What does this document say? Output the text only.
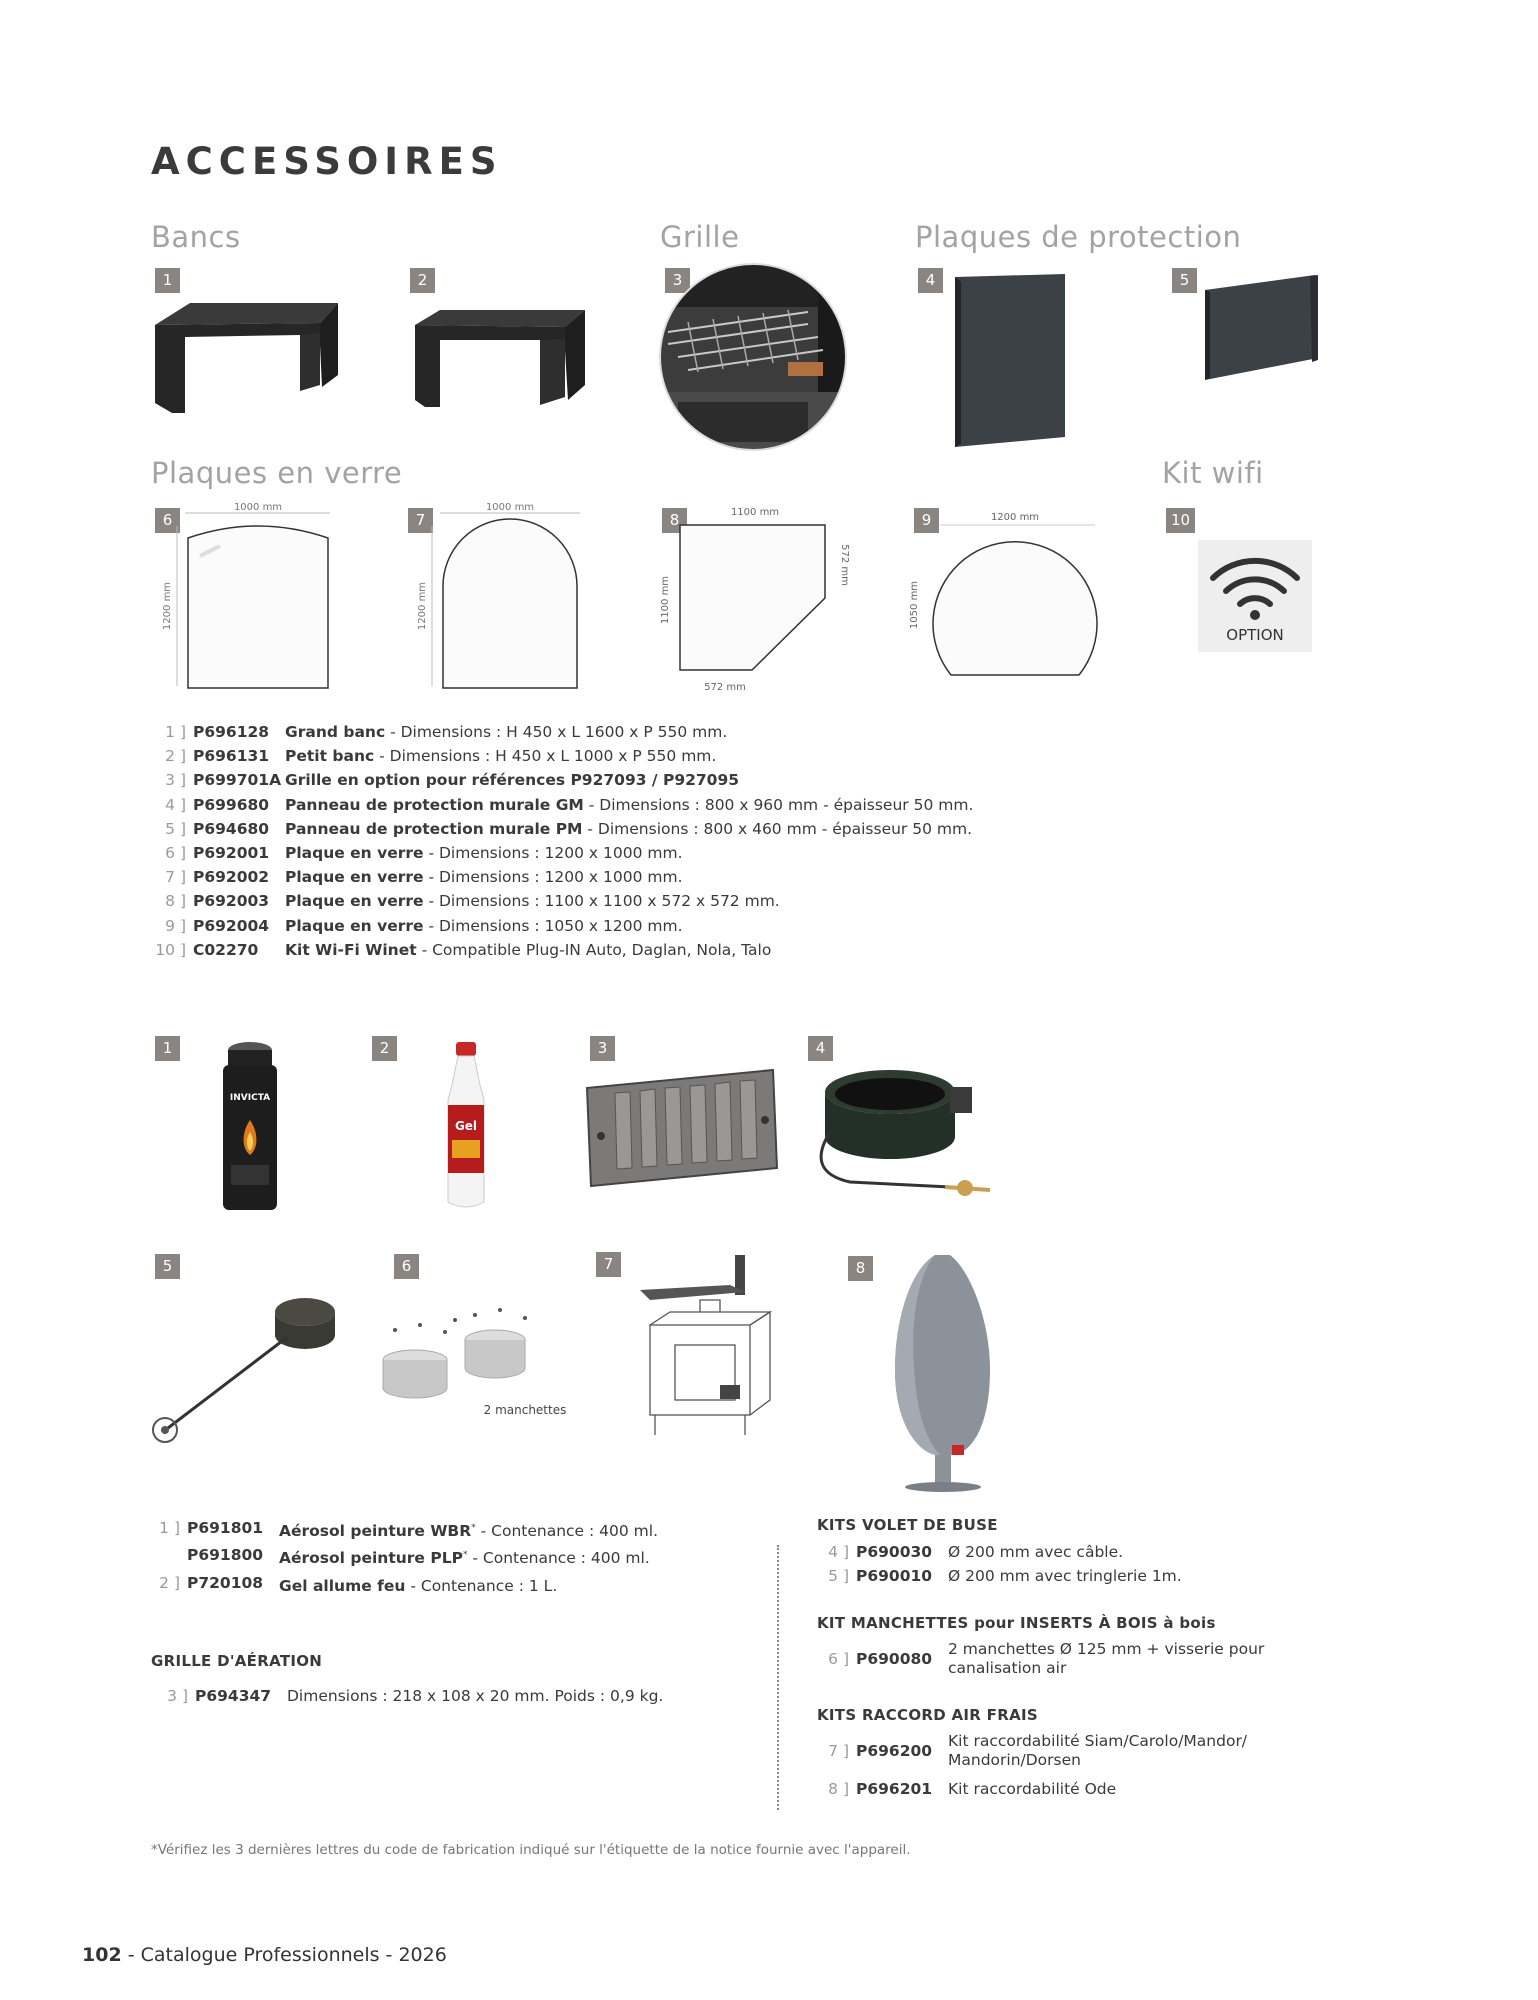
ACCESSOIRES
Bancs	Grille	Plaques de protection
Plaques en verre	Kit wifi
1	2	3	4	5
6	7	8	9	10
1000 mm
1200 mm
1000 mm
1200 mm
1100 mm
1100 mm
572 mm
572 mm
1200 mm
1050 mm
OPTION
1 ] P696128	Grand banc - Dimensions : H 450 x L 1600 x P 550 mm.
2 ] P696131	Petit banc - Dimensions : H 450 x L 1000 x P 550 mm.
3 ] P699701A Grille en option pour références P927093 / P927095
4 ] P699680	Panneau de protection murale GM - Dimensions : 800 x 960 mm - épaisseur 50 mm.
5 ] P694680	Panneau de protection murale PM - Dimensions : 800 x 460 mm - épaisseur 50 mm.
6 ] P692001	Plaque en verre - Dimensions : 1200 x 1000 mm.
7 ] P692002	Plaque en verre - Dimensions : 1200 x 1000 mm.
8 ] P692003	Plaque en verre - Dimensions : 1100 x 1100 x 572 x 572 mm.
9 ] P692004	Plaque en verre - Dimensions : 1050 x 1200 mm.
10 ] C02270	Kit Wi-Fi Winet - Compatible Plug-IN Auto, Daglan, Nola, Talo
1	2	3	4
5	6	7	8
INVICTA
Gel
2 manchettes
1 ] P691801	Aérosol peinture WBR* - Contenance : 400 ml.
P691800	Aérosol peinture PLP* - Contenance : 400 ml.
2 ] P720108	Gel allume feu - Contenance : 1 L.
GRILLE D'AÉRATION
3 ] P694347	Dimensions : 218 x 108 x 20 mm. Poids : 0,9 kg.
KITS VOLET DE BUSE
4 ] P690030	Ø 200 mm avec câble.
5 ] P690010	Ø 200 mm avec tringlerie 1m.
KIT MANCHETTES pour INSERTS À BOIS à bois
6 ] P690080
2 manchettes Ø 125 mm + visserie pour
canalisation air
KITS RACCORD AIR FRAIS
7 ] P696200
Kit raccordabilité Siam/Carolo/Mandor/
Mandorin/Dorsen
8 ] P696201	Kit raccordabilité Ode
*Vérifiez les 3 dernières lettres du code de fabrication indiqué sur l'étiquette de la notice fournie avec l'appareil.
102 - Catalogue Professionnels - 2026
